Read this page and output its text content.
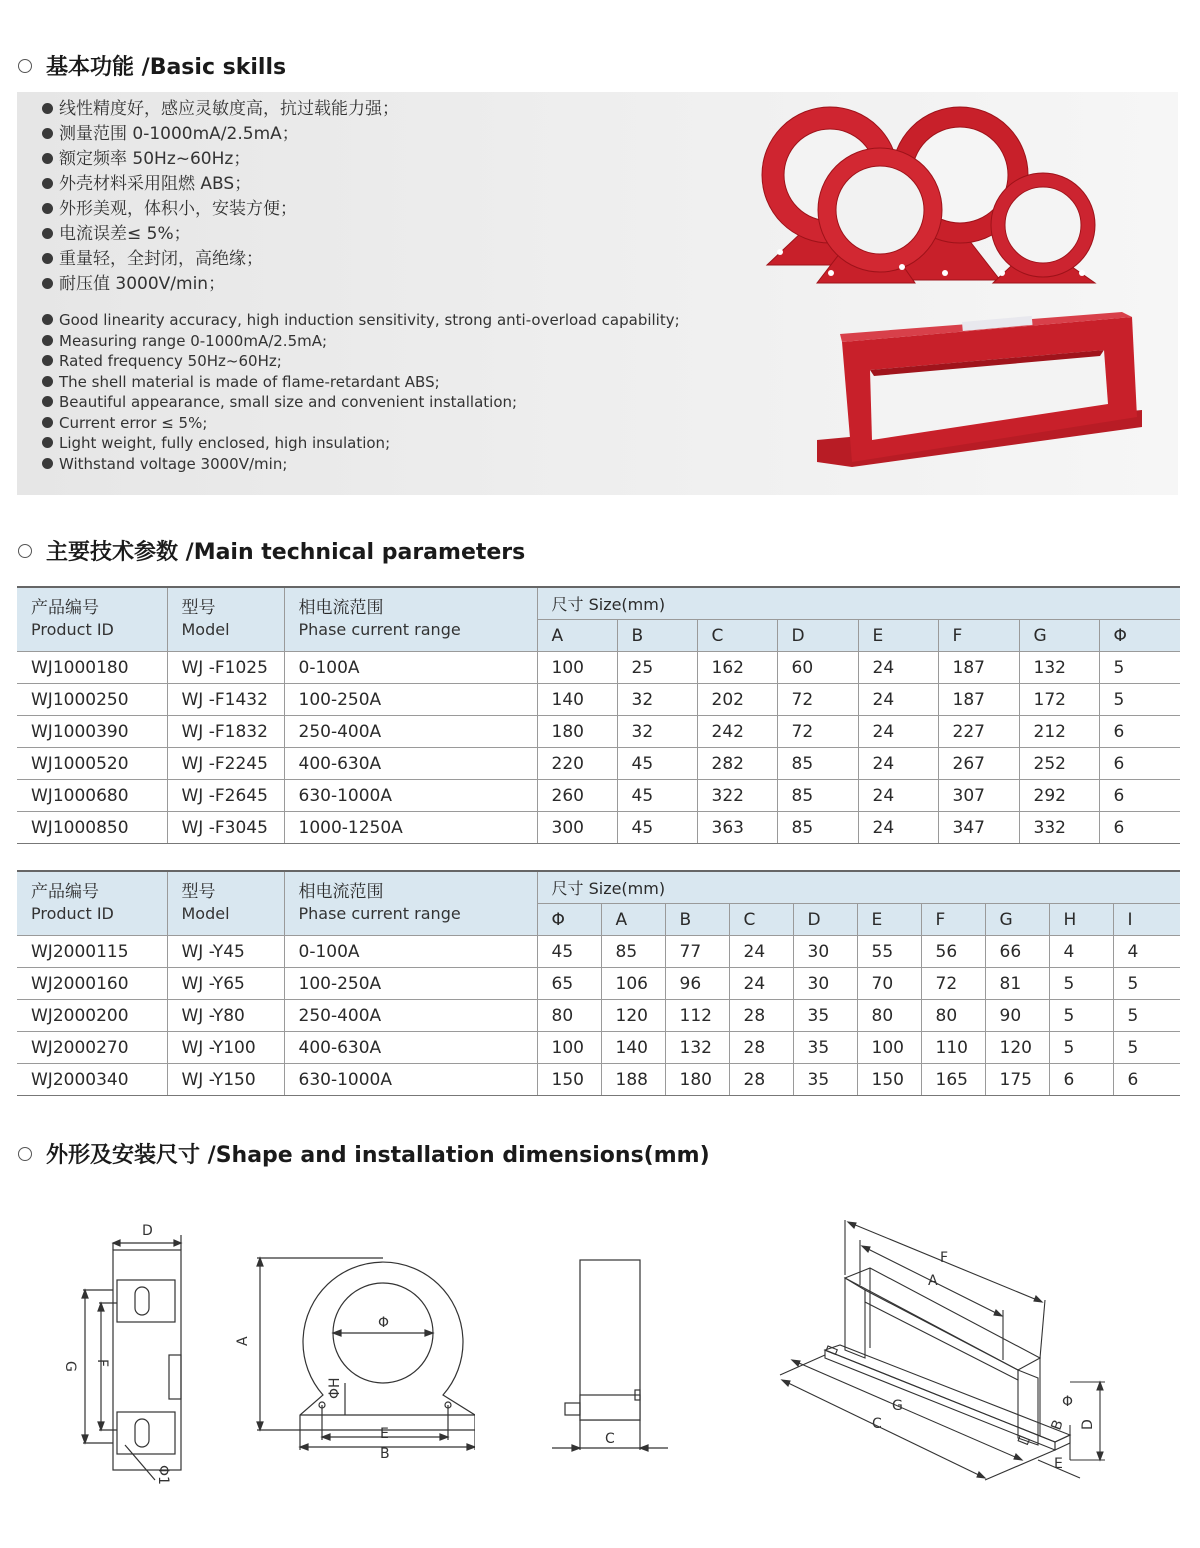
基本功能 /Basic skills
线性精度好，感应灵敏度高，抗过载能力强；
测量范围 0-1000mA/2.5mA；
额定频率 50Hz~60Hz；
外壳材料采用阻燃 ABS；
外形美观，体积小，安装方便；
电流误差≤ 5%；
重量轻，全封闭，高绝缘；
耐压值 3000V/min；
Good linearity accuracy, high induction sensitivity, strong anti-overload capability;
Measuring range 0-1000mA/2.5mA;
Rated frequency 50Hz~60Hz;
The shell material is made of flame-retardant ABS;
Beautiful appearance, small size and convenient installation;
Current error ≤ 5%;
Light weight, fully enclosed, high insulation;
Withstand voltage 3000V/min;
主要技术参数 /Main technical parameters
产品编号
Product ID	型号
Model	相电流范围
Phase current range	尺寸 Size(mm)							
			A	B	C	D	E	F	G	Φ
WJ1000180	WJ -F1025	0-100A	100	25	162	60	24	187	132	5
WJ1000250	WJ -F1432	100-250A	140	32	202	72	24	187	172	5
WJ1000390	WJ -F1832	250-400A	180	32	242	72	24	227	212	6
WJ1000520	WJ -F2245	400-630A	220	45	282	85	24	267	252	6
WJ1000680	WJ -F2645	630-1000A	260	45	322	85	24	307	292	6
WJ1000850	WJ -F3045	1000-1250A	300	45	363	85	24	347	332	6
产品编号
Product ID	型号
Model	相电流范围
Phase current range	尺寸 Size(mm)									
			Φ	A	B	C	D	E	F	G	H	I
WJ2000115	WJ -Y45	0-100A	45	85	77	24	30	55	56	66	4	4
WJ2000160	WJ -Y65	100-250A	65	106	96	24	30	70	72	81	5	5
WJ2000200	WJ -Y80	250-400A	80	120	112	28	35	80	80	90	5	5
WJ2000270	WJ -Y100	400-630A	100	140	132	28	35	100	110	120	5	5
WJ2000340	WJ -Y150	630-1000A	150	188	180	28	35	150	165	175	6	6
外形及安装尺寸 /Shape and installation dimensions(mm)
D
G F
Φ1
A
Φ
ΦH
E
B
C
F
A
G
C
Φ
B D
E
